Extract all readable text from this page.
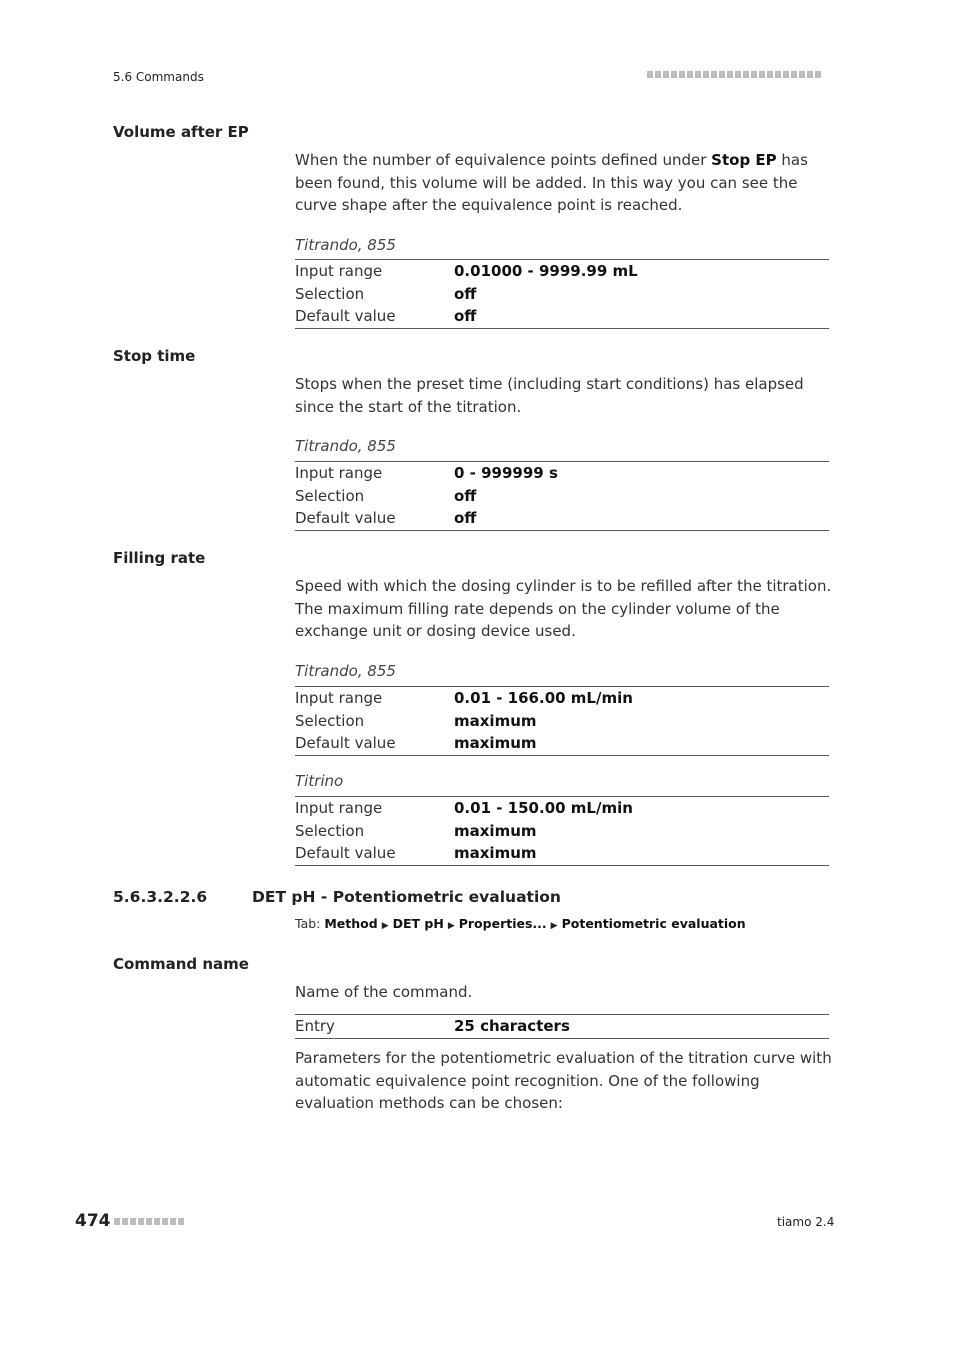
5.6 Commands
Volume after EP
When the number of equivalence points defined under Stop EP has been found, this volume will be added. In this way you can see the curve shape after the equivalence point is reached.
Titrando, 855
Input range	0.01000 - 9999.99 mL
Selection	off
Default value	off
Stop time
Stops when the preset time (including start conditions) has elapsed since the start of the titration.
Titrando, 855
Input range	0 - 999999 s
Selection	off
Default value	off
Filling rate
Speed with which the dosing cylinder is to be refilled after the titration. The maximum filling rate depends on the cylinder volume of the exchange unit or dosing device used.
Titrando, 855
Input range	0.01 - 166.00 mL/min
Selection	maximum
Default value	maximum
Titrino
Input range	0.01 - 150.00 mL/min
Selection	maximum
Default value	maximum
5.6.3.2.2.6	DET pH - Potentiometric evaluation
Tab: Method ▶ DET pH ▶ Properties... ▶ Potentiometric evaluation
Command name
Name of the command.
Entry	25 characters
Parameters for the potentiometric evaluation of the titration curve with automatic equivalence point recognition. One of the following evaluation methods can be chosen:
474	tiamo 2.4
